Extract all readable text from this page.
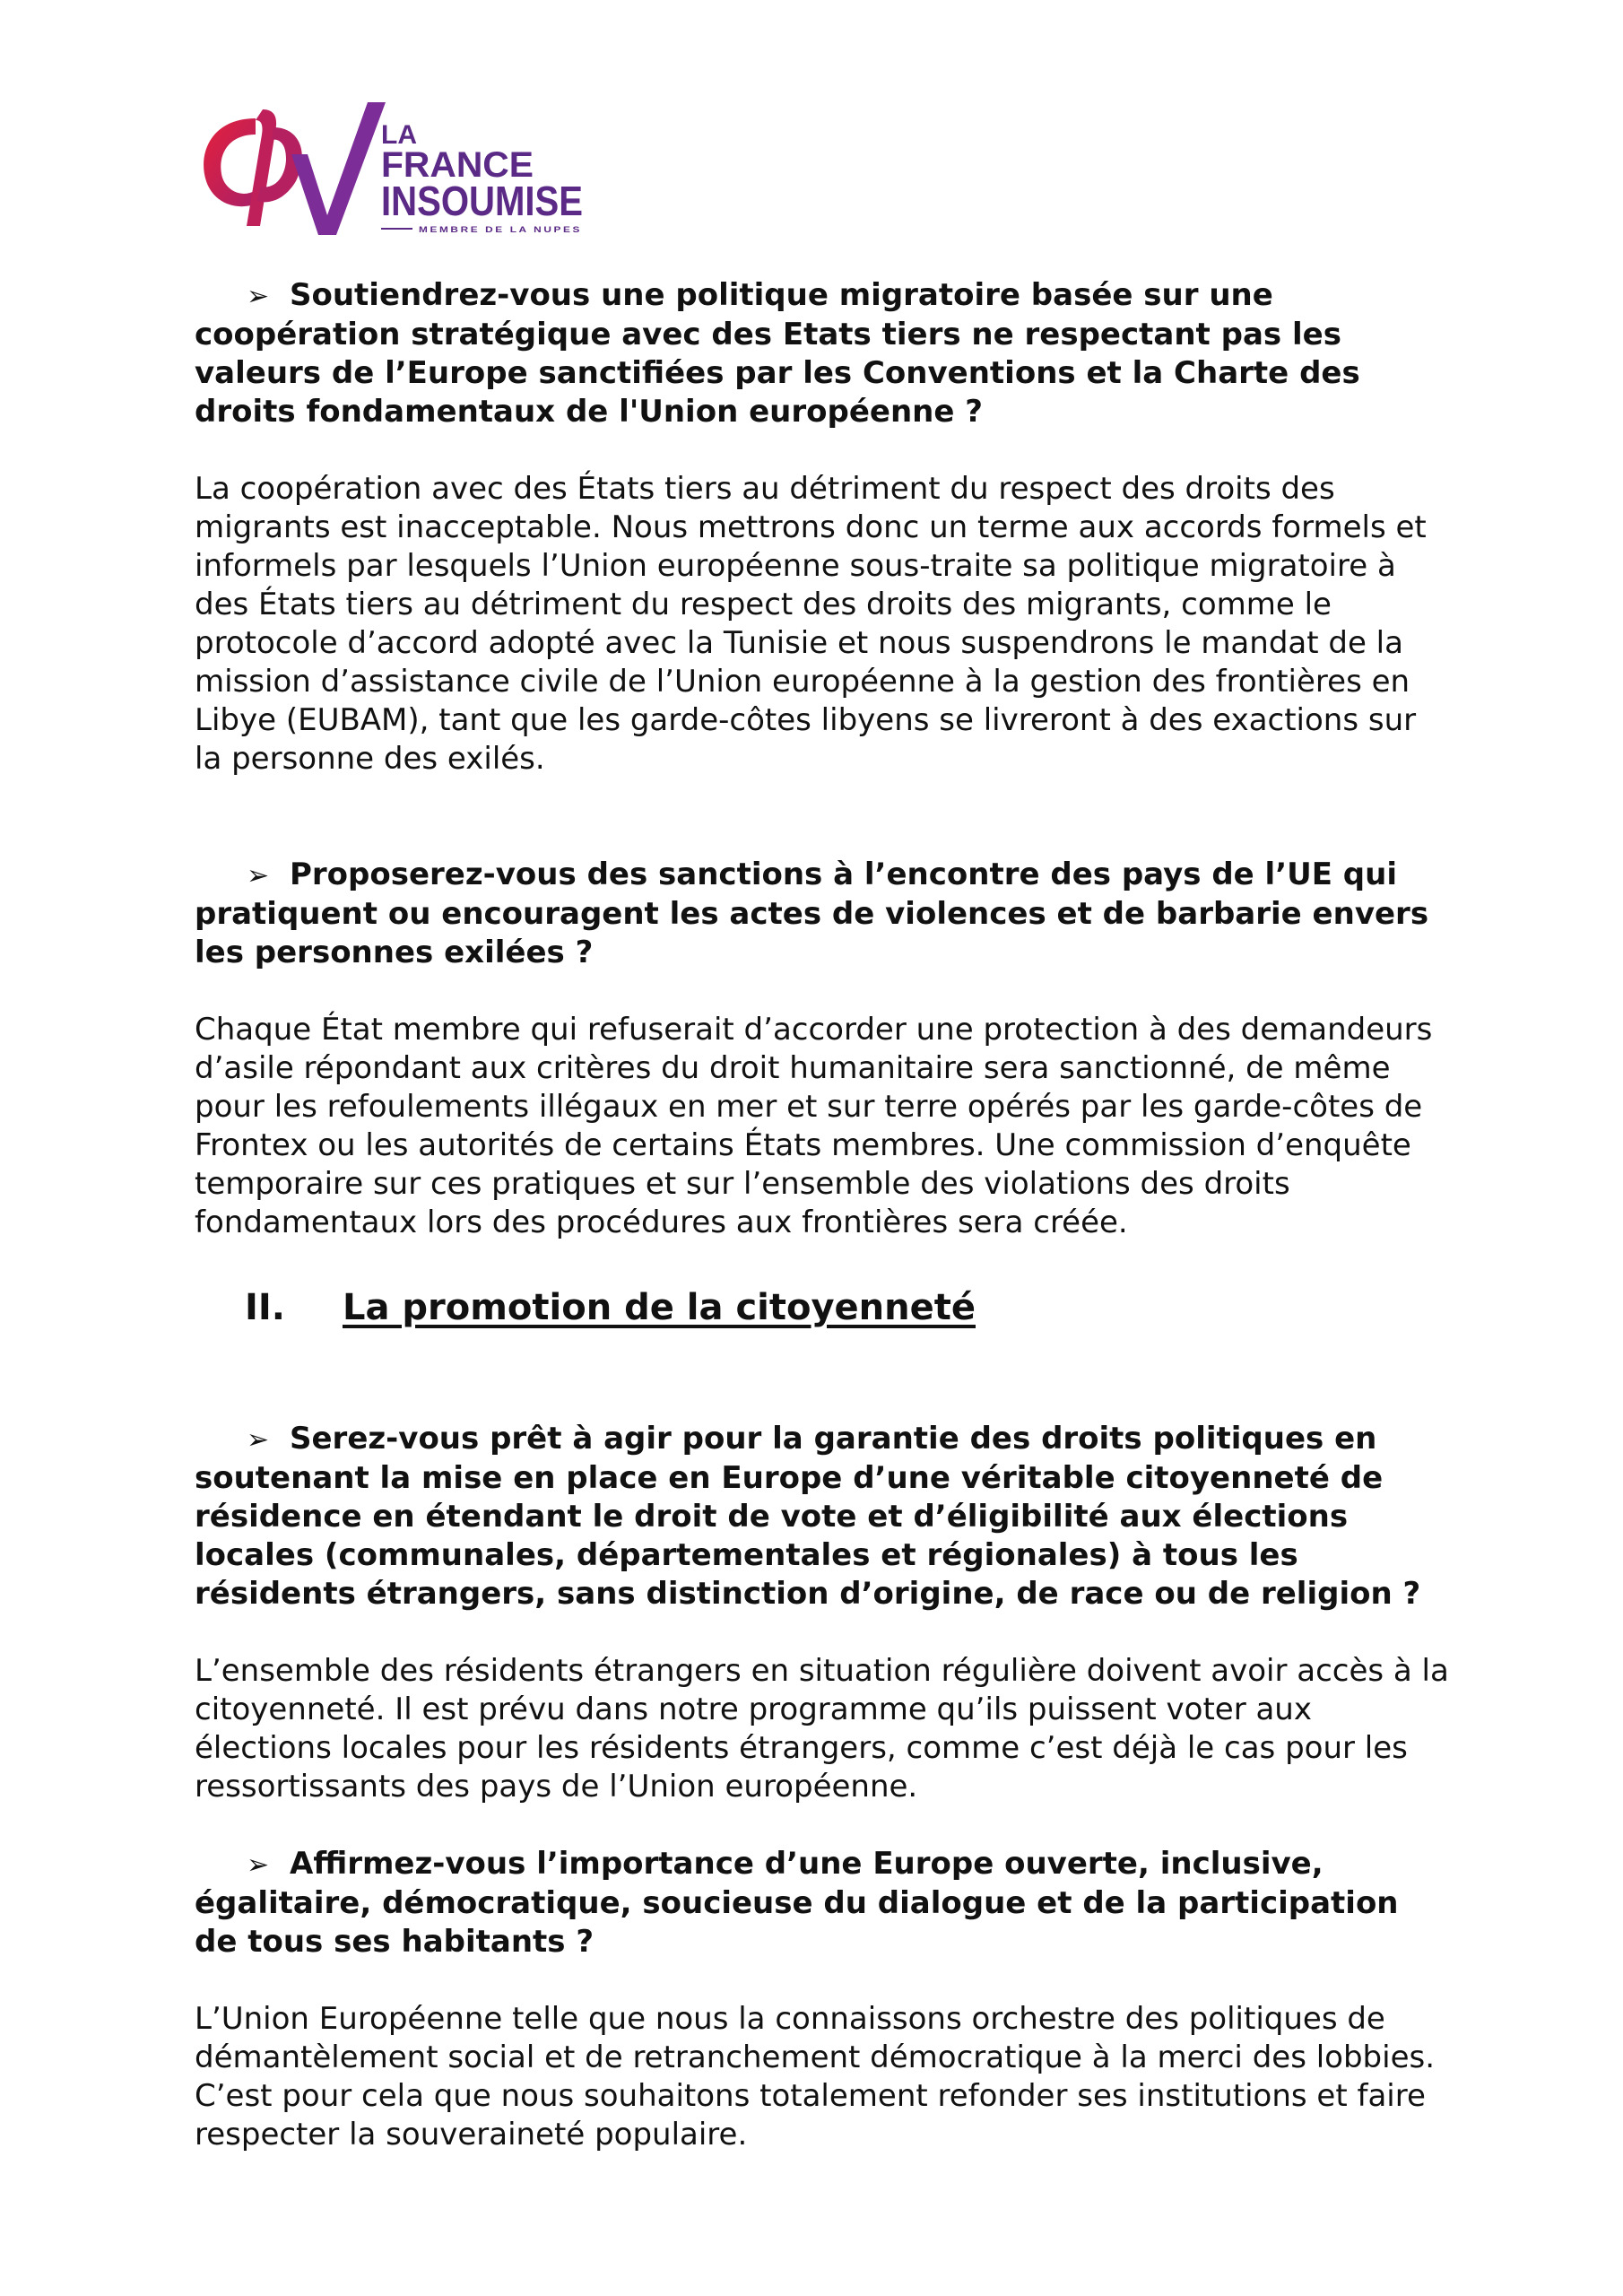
LA
FRANCE
INSOUMISE
MEMBRE DE LA NUPES

➢ Soutiendrez-vous une politique migratoire basée sur une coopération stratégique avec des Etats tiers ne respectant pas les valeurs de l’Europe sanctifiées par les Conventions et la Charte des droits fondamentaux de l'Union européenne ?

La coopération avec des États tiers au détriment du respect des droits des migrants est inacceptable. Nous mettrons donc un terme aux accords formels et informels par lesquels l’Union européenne sous-traite sa politique migratoire à des États tiers au détriment du respect des droits des migrants, comme le protocole d’accord adopté avec la Tunisie et nous suspendrons le mandat de la mission d’assistance civile de l’Union européenne à la gestion des frontières en Libye (EUBAM), tant que les garde-côtes libyens se livreront à des exactions sur la personne des exilés.

➢ Proposerez-vous des sanctions à l’encontre des pays de l’UE qui pratiquent ou encouragent les actes de violences et de barbarie envers les personnes exilées ?

Chaque État membre qui refuserait d’accorder une protection à des demandeurs d’asile répondant aux critères du droit humanitaire sera sanctionné, de même pour les refoulements illégaux en mer et sur terre opérés par les garde-côtes de Frontex ou les autorités de certains États membres. Une commission d’enquête temporaire sur ces pratiques et sur l’ensemble des violations des droits fondamentaux lors des procédures aux frontières sera créée.

II.	La promotion de la citoyenneté

➢ Serez-vous prêt à agir pour la garantie des droits politiques en soutenant la mise en place en Europe d’une véritable citoyenneté de résidence en étendant le droit de vote et d’éligibilité aux élections locales (communales, départementales et régionales) à tous les résidents étrangers, sans distinction d’origine, de race ou de religion ?

L’ensemble des résidents étrangers en situation régulière doivent avoir accès à la citoyenneté. Il est prévu dans notre programme qu’ils puissent voter aux élections locales pour les résidents étrangers, comme c’est déjà le cas pour les ressortissants des pays de l’Union européenne.

➢ Affirmez-vous l’importance d’une Europe ouverte, inclusive, égalitaire, démocratique, soucieuse du dialogue et de la participation de tous ses habitants ?

L’Union Européenne telle que nous la connaissons orchestre des politiques de démantèlement social et de retranchement démocratique à la merci des lobbies. C’est pour cela que nous souhaitons totalement refonder ses institutions et faire respecter la souveraineté populaire.
